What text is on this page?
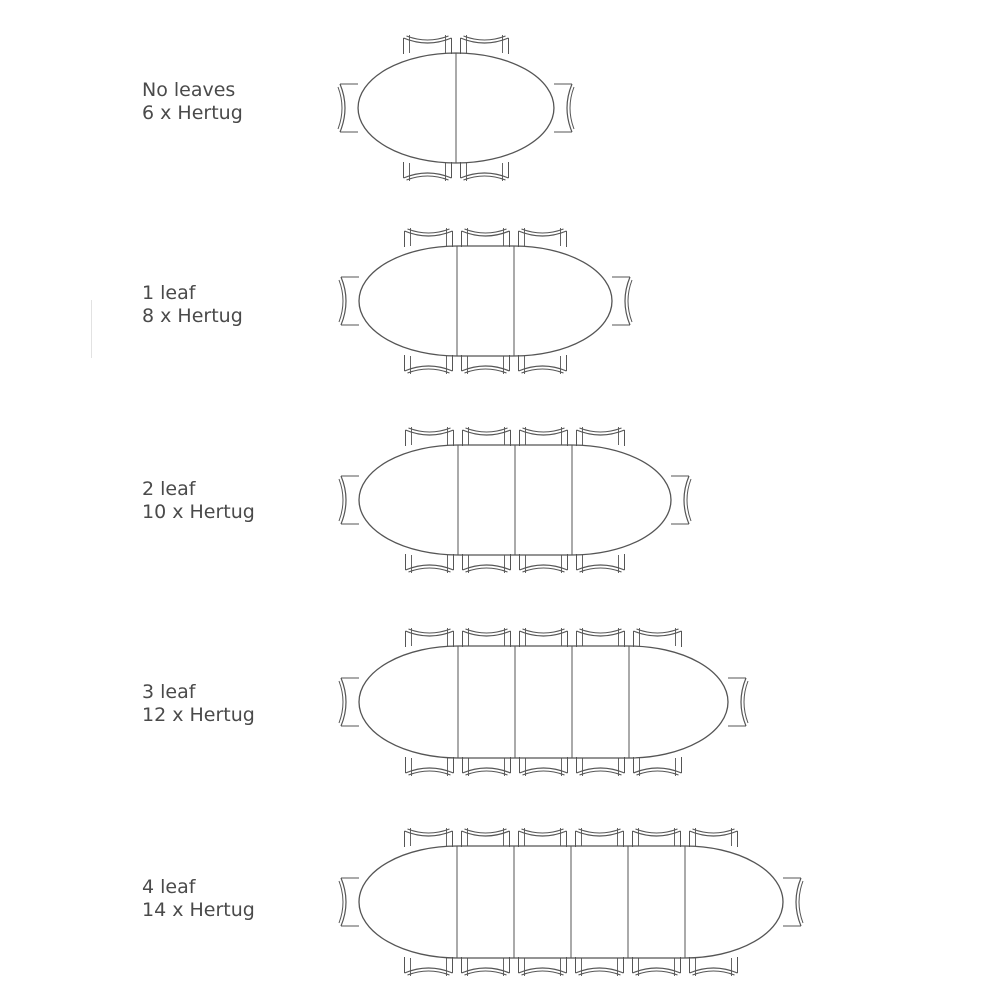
No leaves
6 x Hertug
1 leaf
8 x Hertug
2 leaf
10 x Hertug
3 leaf
12 x Hertug
4 leaf
14 x Hertug
